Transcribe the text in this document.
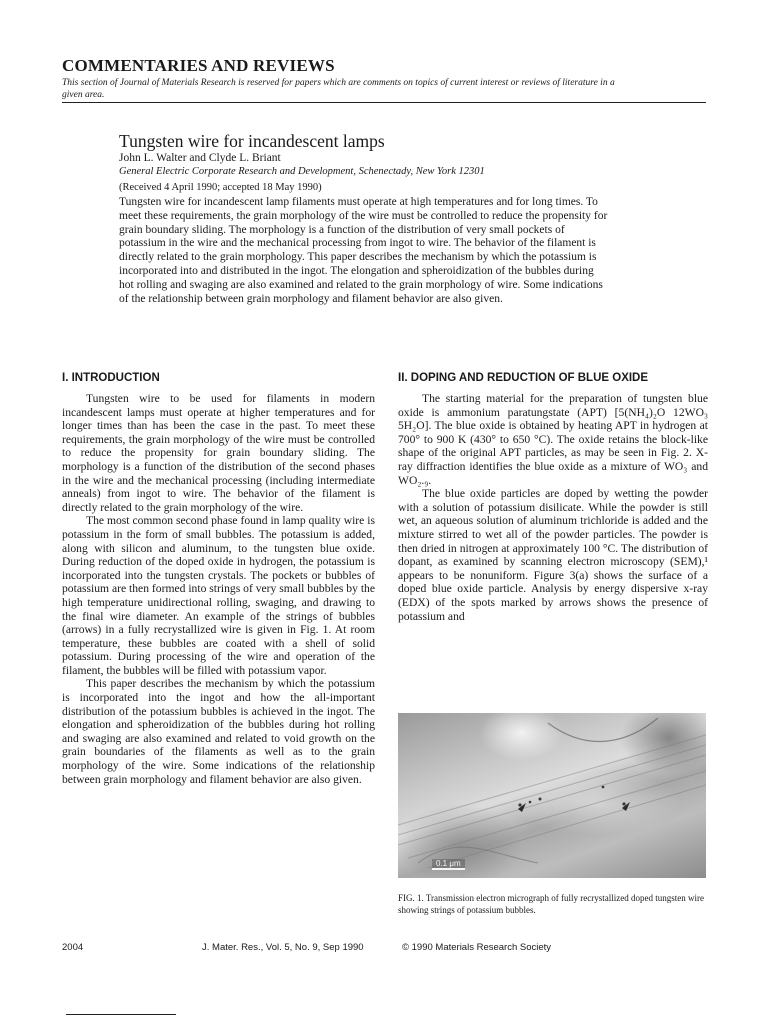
COMMENTARIES AND REVIEWS

This section of Journal of Materials Research is reserved for papers which are comments on topics of current interest or reviews of literature in a given area.

Tungsten wire for incandescent lamps

John L. Walter and Clyde L. Briant

General Electric Corporate Research and Development, Schenectady, New York 12301

(Received 4 April 1990; accepted 18 May 1990)

Tungsten wire for incandescent lamp filaments must operate at high temperatures and for long times. To meet these requirements, the grain morphology of the wire must be controlled to reduce the propensity for grain boundary sliding. The morphology is a function of the distribution of very small pockets of potassium in the wire and the mechanical processing from ingot to wire. The behavior of the filament is directly related to the grain morphology. This paper describes the mechanism by which the potassium is incorporated into and distributed in the ingot. The elongation and spheroidization of the bubbles during hot rolling and swaging are also examined and related to the grain morphology of wire. Some indications of the relationship between grain morphology and filament behavior are also given.

I. INTRODUCTION

Tungsten wire to be used for filaments in modern incandescent lamps must operate at higher temperatures and for longer times than has been the case in the past. To meet these requirements, the grain morphology of the wire must be controlled to reduce the propensity for grain boundary sliding. The morphology is a function of the distribution of the second phases in the wire and the mechanical processing (including intermediate anneals) from ingot to wire. The behavior of the filament is directly related to the grain morphology of the wire.

The most common second phase found in lamp quality wire is potassium in the form of small bubbles. The potassium is added, along with silicon and aluminum, to the tungsten blue oxide. During reduction of the doped oxide in hydrogen, the potassium is incorporated into the tungsten crystals. The pockets or bubbles of potassium are then formed into strings of very small bubbles by the high temperature unidirectional rolling, swaging, and drawing to the final wire diameter. An example of the strings of bubbles (arrows) in a fully recrystallized wire is given in Fig. 1. At room temperature, these bubbles are coated with a shell of solid potassium. During processing of the wire and operation of the filament, the bubbles will be filled with potassium vapor.

This paper describes the mechanism by which the potassium is incorporated into the ingot and how the all-important distribution of the potassium bubbles is achieved in the ingot. The elongation and spheroidization of the bubbles during hot rolling and swaging are also examined and related to void growth on the grain boundaries of the filaments as well as to the grain morphology of the wire. Some indications of the relationship between grain morphology and filament behavior are also given.

II. DOPING AND REDUCTION OF BLUE OXIDE

The starting material for the preparation of tungsten blue oxide is ammonium paratungstate (APT) [5(NH₄)₂O 12WO₃ 5H₂O]. The blue oxide is obtained by heating APT in hydrogen at 700° to 900 K (430° to 650 °C). The oxide retains the block-like shape of the original APT particles, as may be seen in Fig. 2. X-ray diffraction identifies the blue oxide as a mixture of WO₃ and WO₂.₉.

The blue oxide particles are doped by wetting the powder with a solution of potassium disilicate. While the powder is still wet, an aqueous solution of aluminum trichloride is added and the mixture stirred to wet all of the powder particles. The powder is then dried in nitrogen at approximately 100 °C. The distribution of dopant, as examined by scanning electron microscopy (SEM),¹ appears to be nonuniform. Figure 3(a) shows the surface of a doped blue oxide particle. Analysis by energy dispersive x-ray (EDX) of the spots marked by arrows shows the presence of potassium and

0.1 μm

FIG. 1. Transmission electron micrograph of fully recrystallized doped tungsten wire showing strings of potassium bubbles.

2004	J. Mater. Res., Vol. 5, No. 9, Sep 1990	© 1990 Materials Research Society
